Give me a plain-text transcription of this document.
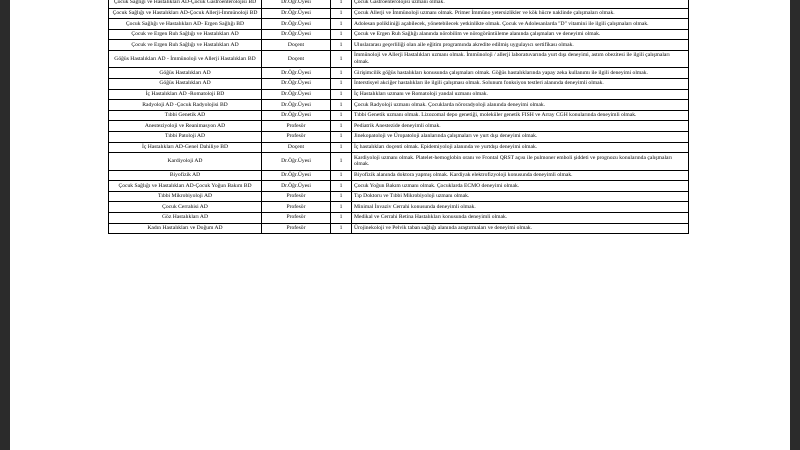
Çocuk Sağlığı ve Hastalıkları AD-Çocuk Gastroenterolojisi BD	Dr.Öğr.Üyesi	1	Çocuk Gastroenterolojisi uzmanı olmak.
Çocuk Sağlığı ve Hastalıkları AD-Çocuk Allerji-İmmünoloji BD	Dr.Öğr.Üyesi	1	Çocuk Allerji ve İmmünoloji uzmanı olmak. Primer İmmüno yetersizlikler ve kök hücre naklinde çalışmaları olmak.
Çocuk Sağlığı ve Hastalıkları AD- Ergen Sağlığı BD	Dr.Öğr.Üyesi	1	Adolesan polikliniği açabilecek, yönetebilecek yetkinlikte olmak. Çocuk ve Adolesanlarda "D" vitamini ile ilgili çalışmaları olmak.
Çocuk ve Ergen Ruh Sağlığı ve Hastalıkları AD	Dr.Öğr.Üyesi	1	Çocuk ve Ergen Ruh Sağlığı alanında nörobilim ve nörogörüntüleme alanında çalışmaları ve deneyimi olmak.
Çocuk ve Ergen Ruh Sağlığı ve Hastalıkları AD	Doçent	1	Uluslararası geçerliliği olan aile eğitim programında akredite edilmiş uygulayıcı sertifikası olmak.
Göğüs Hastalıkları AD - İmmünoloji ve Allerji Hastalıkları BD	Doçent	1	İmmünoloji ve Allerji Hastalıkları uzmanı olmak. İmmünoloji / allerji laboratuvarında yurt dışı deneyimi, astım obezitesi ile ilgili çalışmaları olmak.
Göğüs Hastalıkları AD	Dr.Öğr.Üyesi	1	Girişimcilik göğüs hastalıkları konusunda çalışmaları olmak. Göğüs hastalıklarında yapay zeka kullanımı ile ilgili deneyimi olmak.
Göğüs Hastalıkları AD	Dr.Öğr.Üyesi	1	İnterstisyel akciğer hastalıkları ile ilgili çalışması olmak. Solunum fonksiyon testleri alanında deneyimli olmak.
İç Hastalıkları AD -Romatoloji BD	Dr.Öğr.Üyesi	1	İç Hastalıkları uzmanı ve Romatoloji yandal uzmanı olmak.
Radyoloji AD -Çocuk Radyolojisi BD	Dr.Öğr.Üyesi	1	Çocuk Radyoloji uzmanı olmak. Çocuklarda nöroradyoloji alanında deneyimi olmak.
Tıbbi Genetik AD	Dr.Öğr.Üyesi	1	Tıbbi Genetik uzmanı olmak. Lizozomal depo genetiği, moleküler genetik FISH ve Array CGH konularında deneyimli olmak.
Anesteziyoloji ve Reanimasyon AD	Profesör	1	Pediatrik Anestezide deneyimli olmak.
Tıbbi Patoloji AD	Profesör	1	Jinekopatoloji ve Üropatoloji alanlarında çalışmaları ve yurt dışı deneyimi olmak.
İç Hastalıkları AD-Genel Dahiliye BD	Doçent	1	İç hastalıkları doçenti olmak. Epidemiyoloji alanında ve yurtdışı deneyimi olmak.
Kardiyoloji AD	Dr.Öğr.Üyesi	1	Kardiyoloji uzmanı olmak. Platelet-hemoglobin oranı ve Frontal QRST açısı ile pulmoner emboli şiddeti ve prognozu konularında çalışmaları olmak.
Biyofizik AD	Dr.Öğr.Üyesi	1	Biyofizik alanında doktora yapmış olmak. Kardiyak elektrofizyoloji konusunda deneyimli olmak.
Çocuk Sağlığı ve Hastalıkları AD-Çocuk Yoğun Bakım BD	Dr.Öğr.Üyesi	1	Çocuk Yoğun Bakım uzmanı olmak. Çocuklarda ECMO deneyimi olmak.
Tıbbi Mikrobiyoloji AD	Profesör	1	Tıp Doktoru ve Tıbbi Mikrobiyoloji uzmanı olmak.
Çocuk Cerrahisi AD	Profesör	1	Minimal İnvaziv Cerrahi konusunda deneyimli olmak.
Göz Hastalıkları AD	Profesör	1	Medikal ve Cerrahi Retina Hastalıkları konusunda deneyimli olmak.
Kadın Hastalıkları ve Doğum AD	Profesör	1	Ürojinekoloji ve Pelvik taban sağlığı alanında araştırmaları ve deneyimi olmak.
